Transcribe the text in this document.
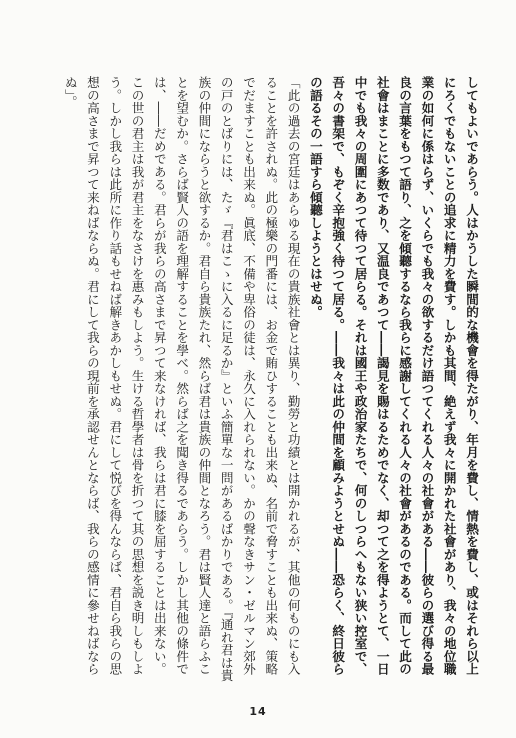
してもよいであらう。人はかうした瞬間的な機會を得たがり、年月を費し、情熱を費し、或はそれら以上にろくでもないことの追求に精力を費す。しかも其間、絶えず我々に開かれた社會があり、我々の地位職業の如何に係はらず、いくらでも我々の欲するだけ語つてくれる人々の社會がある――彼らの選び得る最良の言葉をもつて語り、之を傾聽するなら我らに感謝してくれる人々の社會があるのである。而して此の社會はまことに多数であり、又温良であつて――謁見を賜はるためでなく、却つて之を得ようとて、一日中でも我々の周圍にあつて待つて居らる。それは國王や政治家たちで、何のしつらへもない狭い控室で、吾々の書架で、もぞく辛抱強く待つて居る。――我々は此の仲間を顧みようとせぬ――恐らく、終日彼らの語るその一語すら傾聽しようとはせぬ。

「此の過去の宮廷はあらゆる現在の貴族社會とは異り、勤勞と功績とは開かれるが、其他の何ものにも入ることを許されぬ。此の極樂の門番には、お金で賄ひすることも出来ぬ、名前で脅すことも出来ぬ、策略でだますことも出来ぬ。眞底、不備や卑俗の徒は、永久に入れられない。かの聲なきサン・ゼルマン郊外の戸のとばりには、たゞ『君はこゝに入るに足るか』といふ簡單な一問があるばかりである。『通れ君は貴族の仲間にならうと欲するか。君自ら貴族たれ、然らば君は貴族の仲間となろう。君は賢人達と語らふことを望むか。さらば賢人の語を理解することを學べ。然らば之を聞き得るであらう。しかし其他の條件では、――だめである。君らが我らの高さまで昇つて来なければ、我らは君に膝を屈することは出来ない。この世の君主は我が君主をなさけを惠みもしよう。生ける哲學者は骨を折つて其の思想を説き明しもしよう。しかし我らは此所に作り話もせねば解きあかしもせぬ。君にして悦びを得んならば、君自ら我らの思想の高さまで昇つて来ねばならぬ。君にして我らの現前を承認せんとならば、我らの感情に參せねばならぬ」。

14
